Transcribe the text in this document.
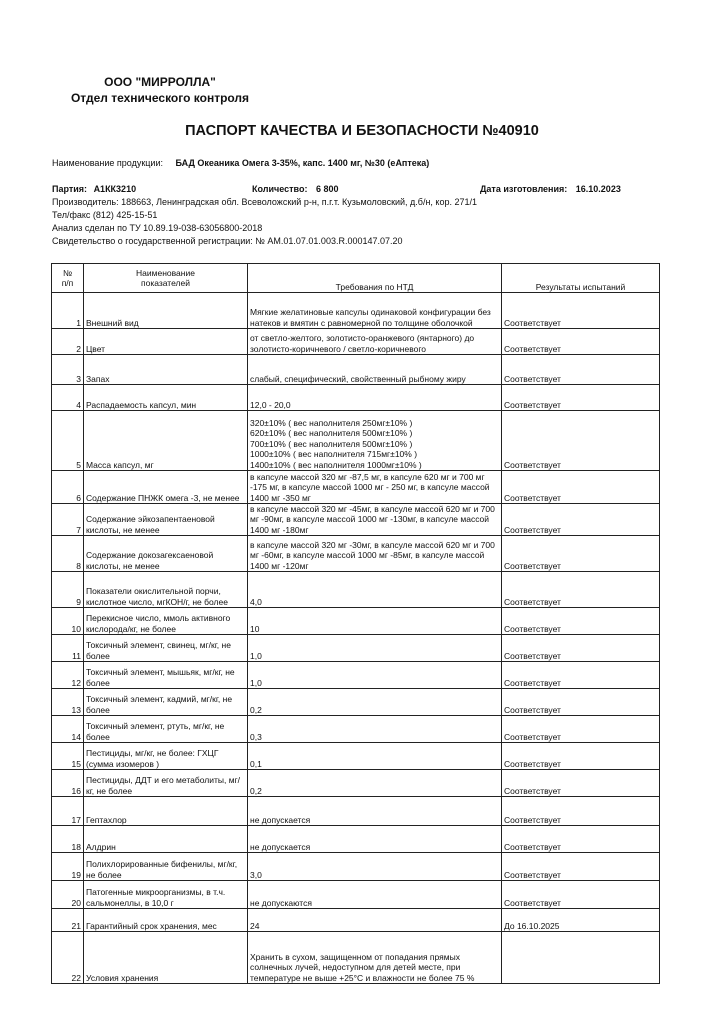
ООО "МИРРОЛЛА"
Отдел технического контроля
ПАСПОРТ КАЧЕСТВА И БЕЗОПАСНОСТИ №40910
Наименование продукции: БАД Океаника Омега 3-35%, капс. 1400 мг, №30 (еАптека)
Партия: А1КК3210	Количество: 6 800	Дата изготовления: 16.10.2023
Производитель: 188663, Ленинградская обл. Всеволожский р-н, п.г.т. Кузьмоловский, д.б/н, кор. 271/1
Тел/факс (812) 425-15-51
Анализ сделан по ТУ 10.89.19-038-63056800-2018
Свидетельство о государственной регистрации: № AM.01.07.01.003.R.000147.07.20
№
п/п	Наименование
показателей	Требования по НТД	Результаты испытаний
1	Внешний вид	Мягкие желатиновые капсулы одинаковой конфигурации без натеков и вмятин с равномерной по толщине оболочкой	Соответствует
2	Цвет	от светло-желтого, золотисто-оранжевого (янтарного) до золотисто-коричневого / светло-коричневого	Соответствует
3	Запах	слабый, специфический, свойственный рыбному жиру	Соответствует
4	Распадаемость капсул, мин	12,0 - 20,0	Соответствует
5	Масса капсул, мг	320±10% ( вес наполнителя 250мг±10% )
620±10% ( вес наполнителя 500мг±10% )
700±10% ( вес наполнителя 500мг±10% )
1000±10% ( вес наполнителя 715мг±10% )
1400±10% ( вес наполнителя 1000мг±10% )	Соответствует
6	Содержание ПНЖК омега -3, не менее	в капсуле массой 320 мг -87,5 мг, в капсуле 620 мг и 700 мг -175 мг, в капсуле массой 1000 мг - 250 мг, в капсуле массой 1400 мг -350 мг	Соответствует
7	Содержание эйкозапентаеновой кислоты, не менее	в капсуле массой 320 мг -45мг, в капсуле массой 620 мг и 700 мг -90мг, в капсуле массой 1000 мг -130мг, в капсуле массой 1400 мг -180мг	Соответствует
8	Содержание докозагексаеновой кислоты, не менее	в капсуле массой 320 мг -30мг, в капсуле массой 620 мг и 700 мг -60мг, в капсуле массой 1000 мг -85мг, в капсуле массой 1400 мг -120мг	Соответствует
9	Показатели окислительной порчи, кислотное число, мгКОН/г, не более	4,0	Соответствует
10	Перекисное число, ммоль активного кислорода/кг, не более	10	Соответствует
11	Токсичный элемент, свинец, мг/кг, не более	1,0	Соответствует
12	Токсичный элемент, мышьяк, мг/кг, не более	1,0	Соответствует
13	Токсичный элемент, кадмий, мг/кг, не более	0,2	Соответствует
14	Токсичный элемент, ртуть, мг/кг, не более	0,3	Соответствует
15	Пестициды, мг/кг, не более: ГХЦГ (сумма изомеров )	0,1	Соответствует
16	Пестициды, ДДТ и его метаболиты, мг/кг, не более	0,2	Соответствует
17	Гептахлор	не допускается	Соответствует
18	Алдрин	не допускается	Соответствует
19	Полихлорированные бифенилы, мг/кг, не более	3,0	Соответствует
20	Патогенные микроорганизмы, в т.ч. сальмонеллы, в 10,0 г	не допускаются	Соответствует
21	Гарантийный срок хранения, мес	24	До 16.10.2025
22	Условия хранения	Хранить в сухом, защищенном от попадания прямых солнечных лучей, недоступном для детей месте, при температуре не выше +25°С и влажности не более 75 %	
